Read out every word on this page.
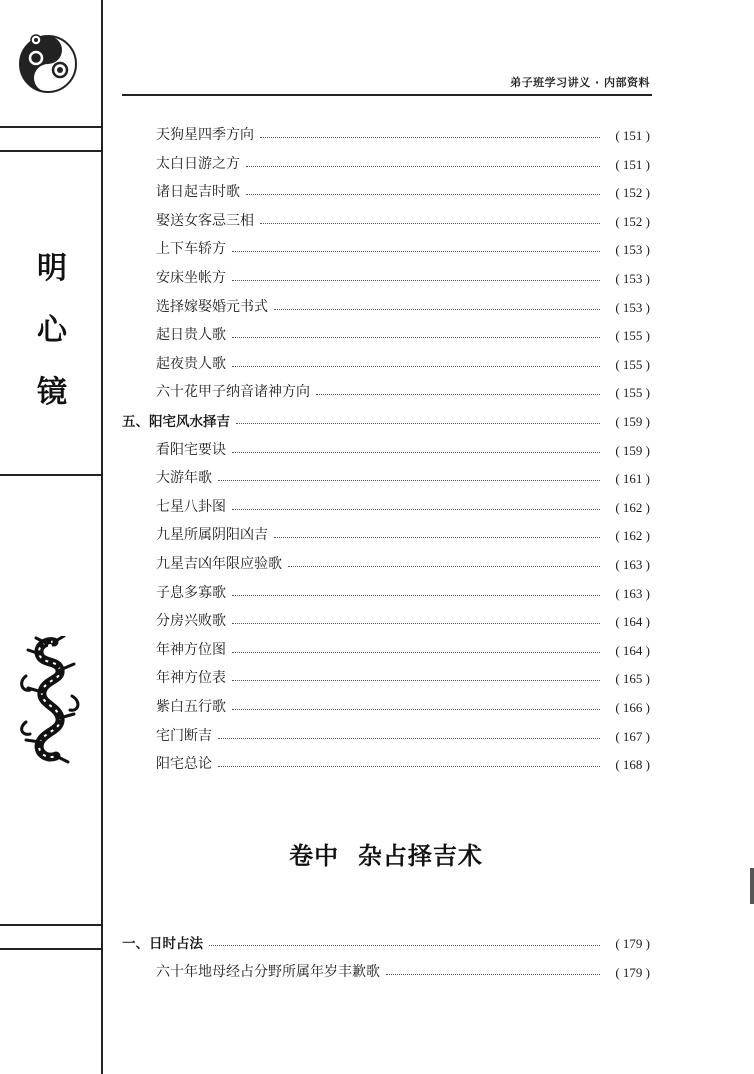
明
心
镜
弟子班学习讲义 · 内部资料
天狗星四季方向	( 151 )
太白日游之方	( 151 )
诸日起吉时歌	( 152 )
娶送女客忌三相	( 152 )
上下车轿方	( 153 )
安床坐帐方	( 153 )
选择嫁娶婚元书式	( 153 )
起日贵人歌	( 155 )
起夜贵人歌	( 155 )
六十花甲子纳音诸神方向	( 155 )
五、阳宅风水择吉	( 159 )
看阳宅要诀	( 159 )
大游年歌	( 161 )
七星八卦图	( 162 )
九星所属阴阳凶吉	( 162 )
九星吉凶年限应验歌	( 163 )
子息多寡歌	( 163 )
分房兴败歌	( 164 )
年神方位图	( 164 )
年神方位表	( 165 )
紫白五行歌	( 166 )
宅门断吉	( 167 )
阳宅总论	( 168 )
卷中  杂占择吉术
一、日时占法	( 179 )
六十年地母经占分野所属年岁丰歉歌	( 179 )
